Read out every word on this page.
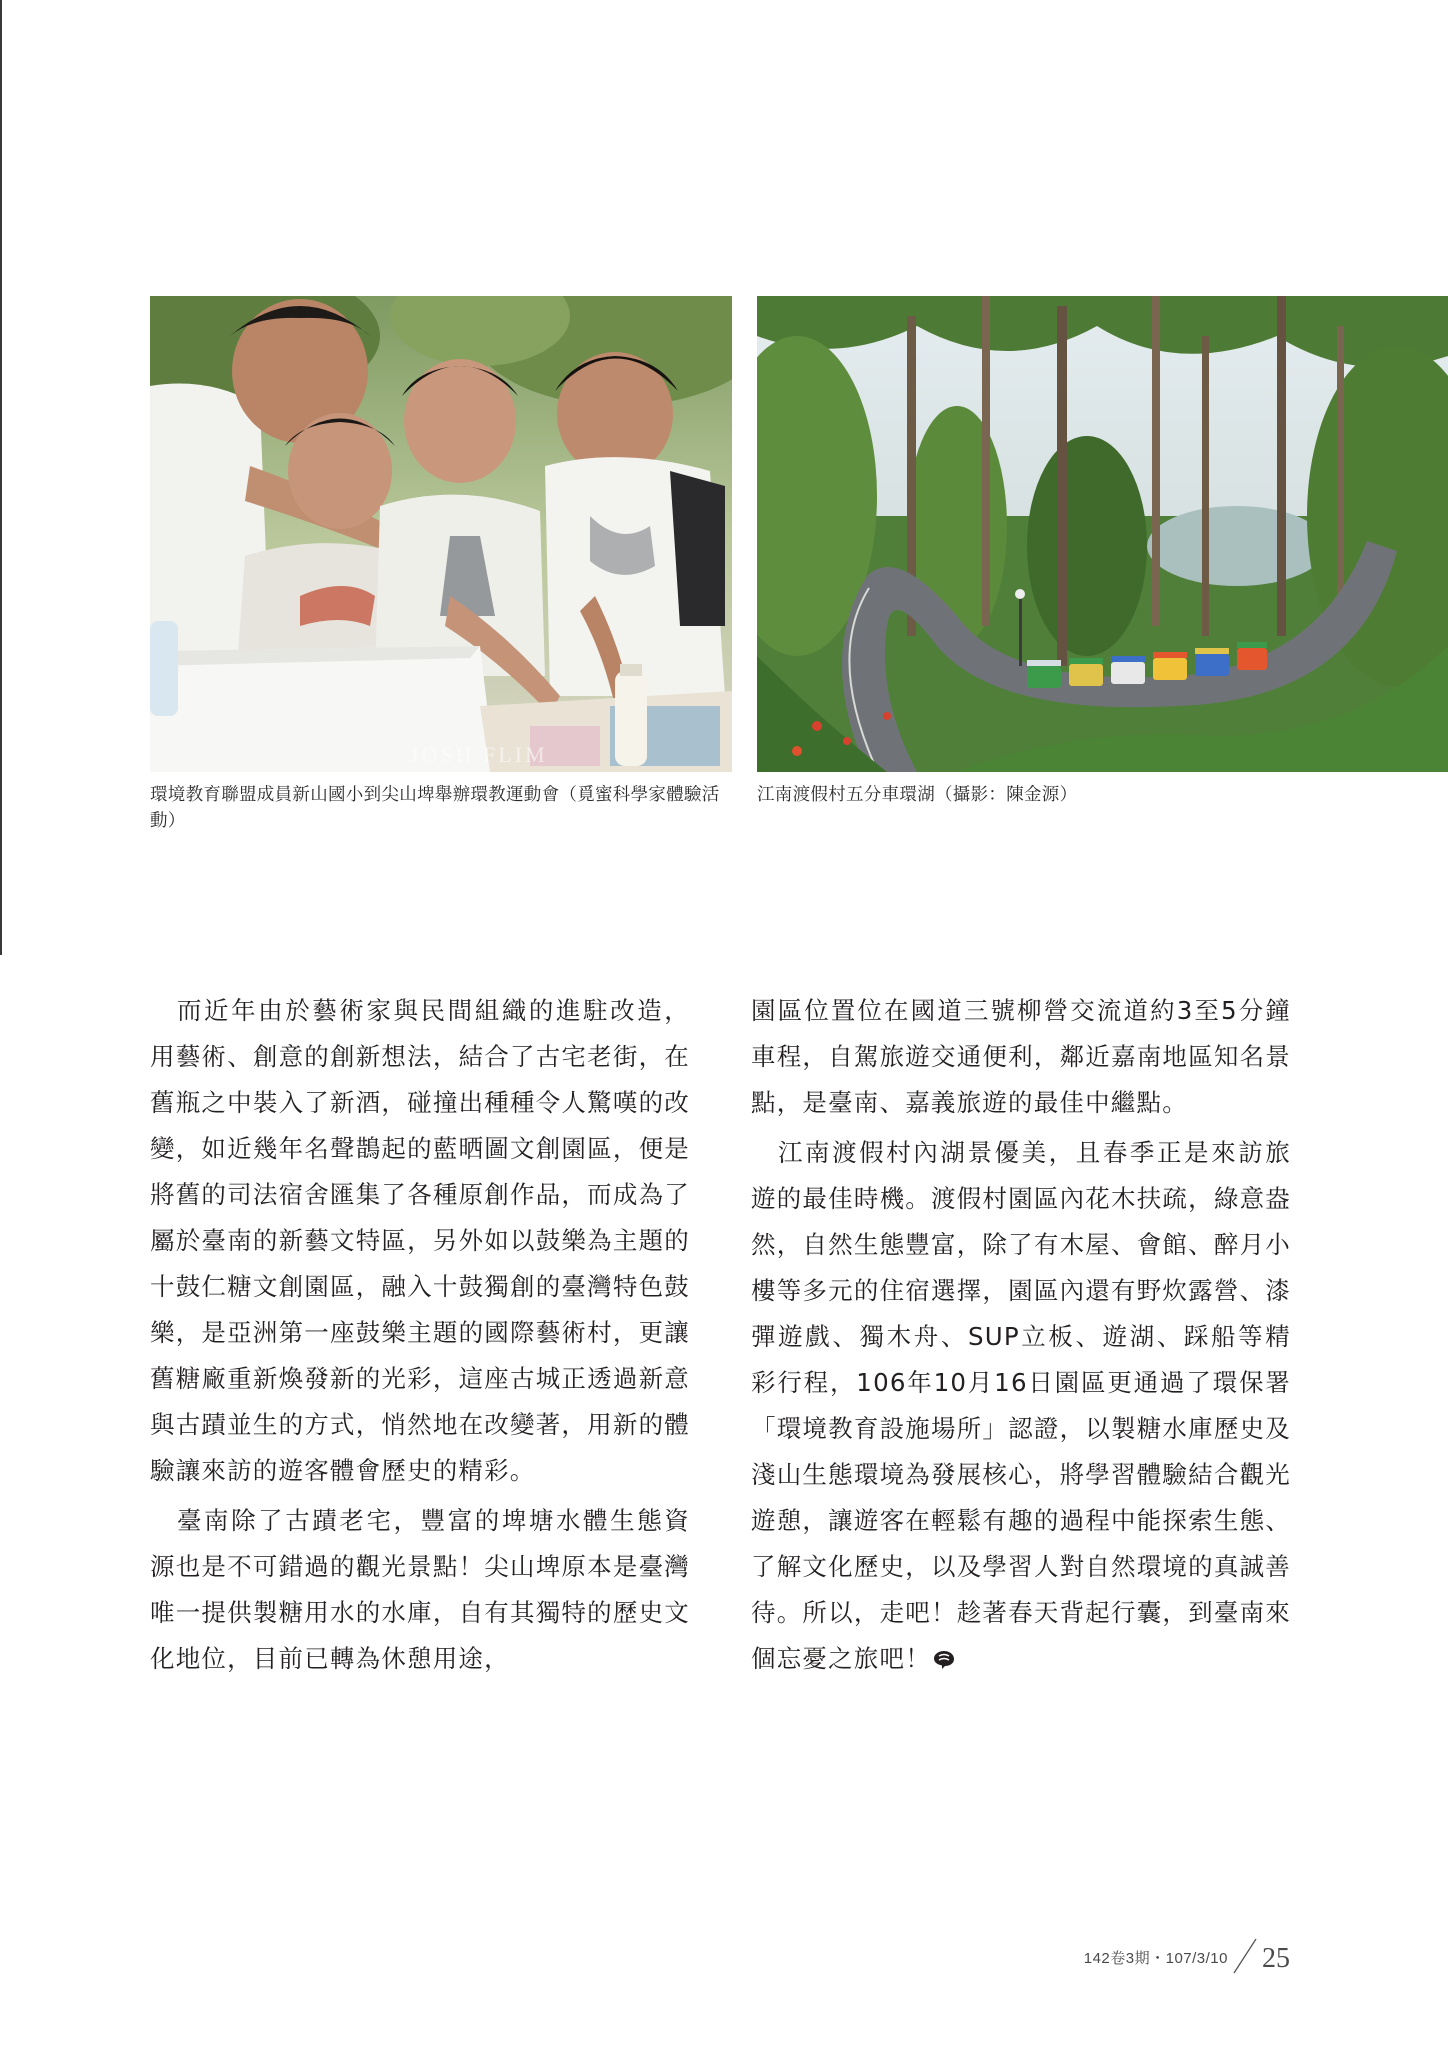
JOSH FLIM
環境教育聯盟成員新山國小到尖山埤舉辦環教運動會（覓蜜科學家體驗活動）
江南渡假村五分車環湖（攝影：陳金源）

而近年由於藝術家與民間組織的進駐改造，用藝術、創意的創新想法，結合了古宅老街，在舊瓶之中裝入了新酒，碰撞出種種令人驚嘆的改變，如近幾年名聲鵲起的藍晒圖文創園區，便是將舊的司法宿舍匯集了各種原創作品，而成為了屬於臺南的新藝文特區，另外如以鼓樂為主題的十鼓仁糖文創園區，融入十鼓獨創的臺灣特色鼓樂，是亞洲第一座鼓樂主題的國際藝術村，更讓舊糖廠重新煥發新的光彩，這座古城正透過新意與古蹟並生的方式，悄然地在改變著，用新的體驗讓來訪的遊客體會歷史的精彩。

臺南除了古蹟老宅，豐富的埤塘水體生態資源也是不可錯過的觀光景點！尖山埤原本是臺灣唯一提供製糖用水的水庫，自有其獨特的歷史文化地位，目前已轉為休憩用途，

園區位置位在國道三號柳營交流道約3至5分鐘車程，自駕旅遊交通便利，鄰近嘉南地區知名景點，是臺南、嘉義旅遊的最佳中繼點。

江南渡假村內湖景優美，且春季正是來訪旅遊的最佳時機。渡假村園區內花木扶疏，綠意盎然，自然生態豐富，除了有木屋、會館、醉月小樓等多元的住宿選擇，園區內還有野炊露營、漆彈遊戲、獨木舟、SUP立板、遊湖、踩船等精彩行程，106年10月16日園區更通過了環保署「環境教育設施場所」認證，以製糖水庫歷史及淺山生態環境為發展核心，將學習體驗結合觀光遊憩，讓遊客在輕鬆有趣的過程中能探索生態、了解文化歷史，以及學習人對自然環境的真誠善待。所以，走吧！趁著春天背起行囊，到臺南來個忘憂之旅吧！

142卷3期・107/3/10 25
